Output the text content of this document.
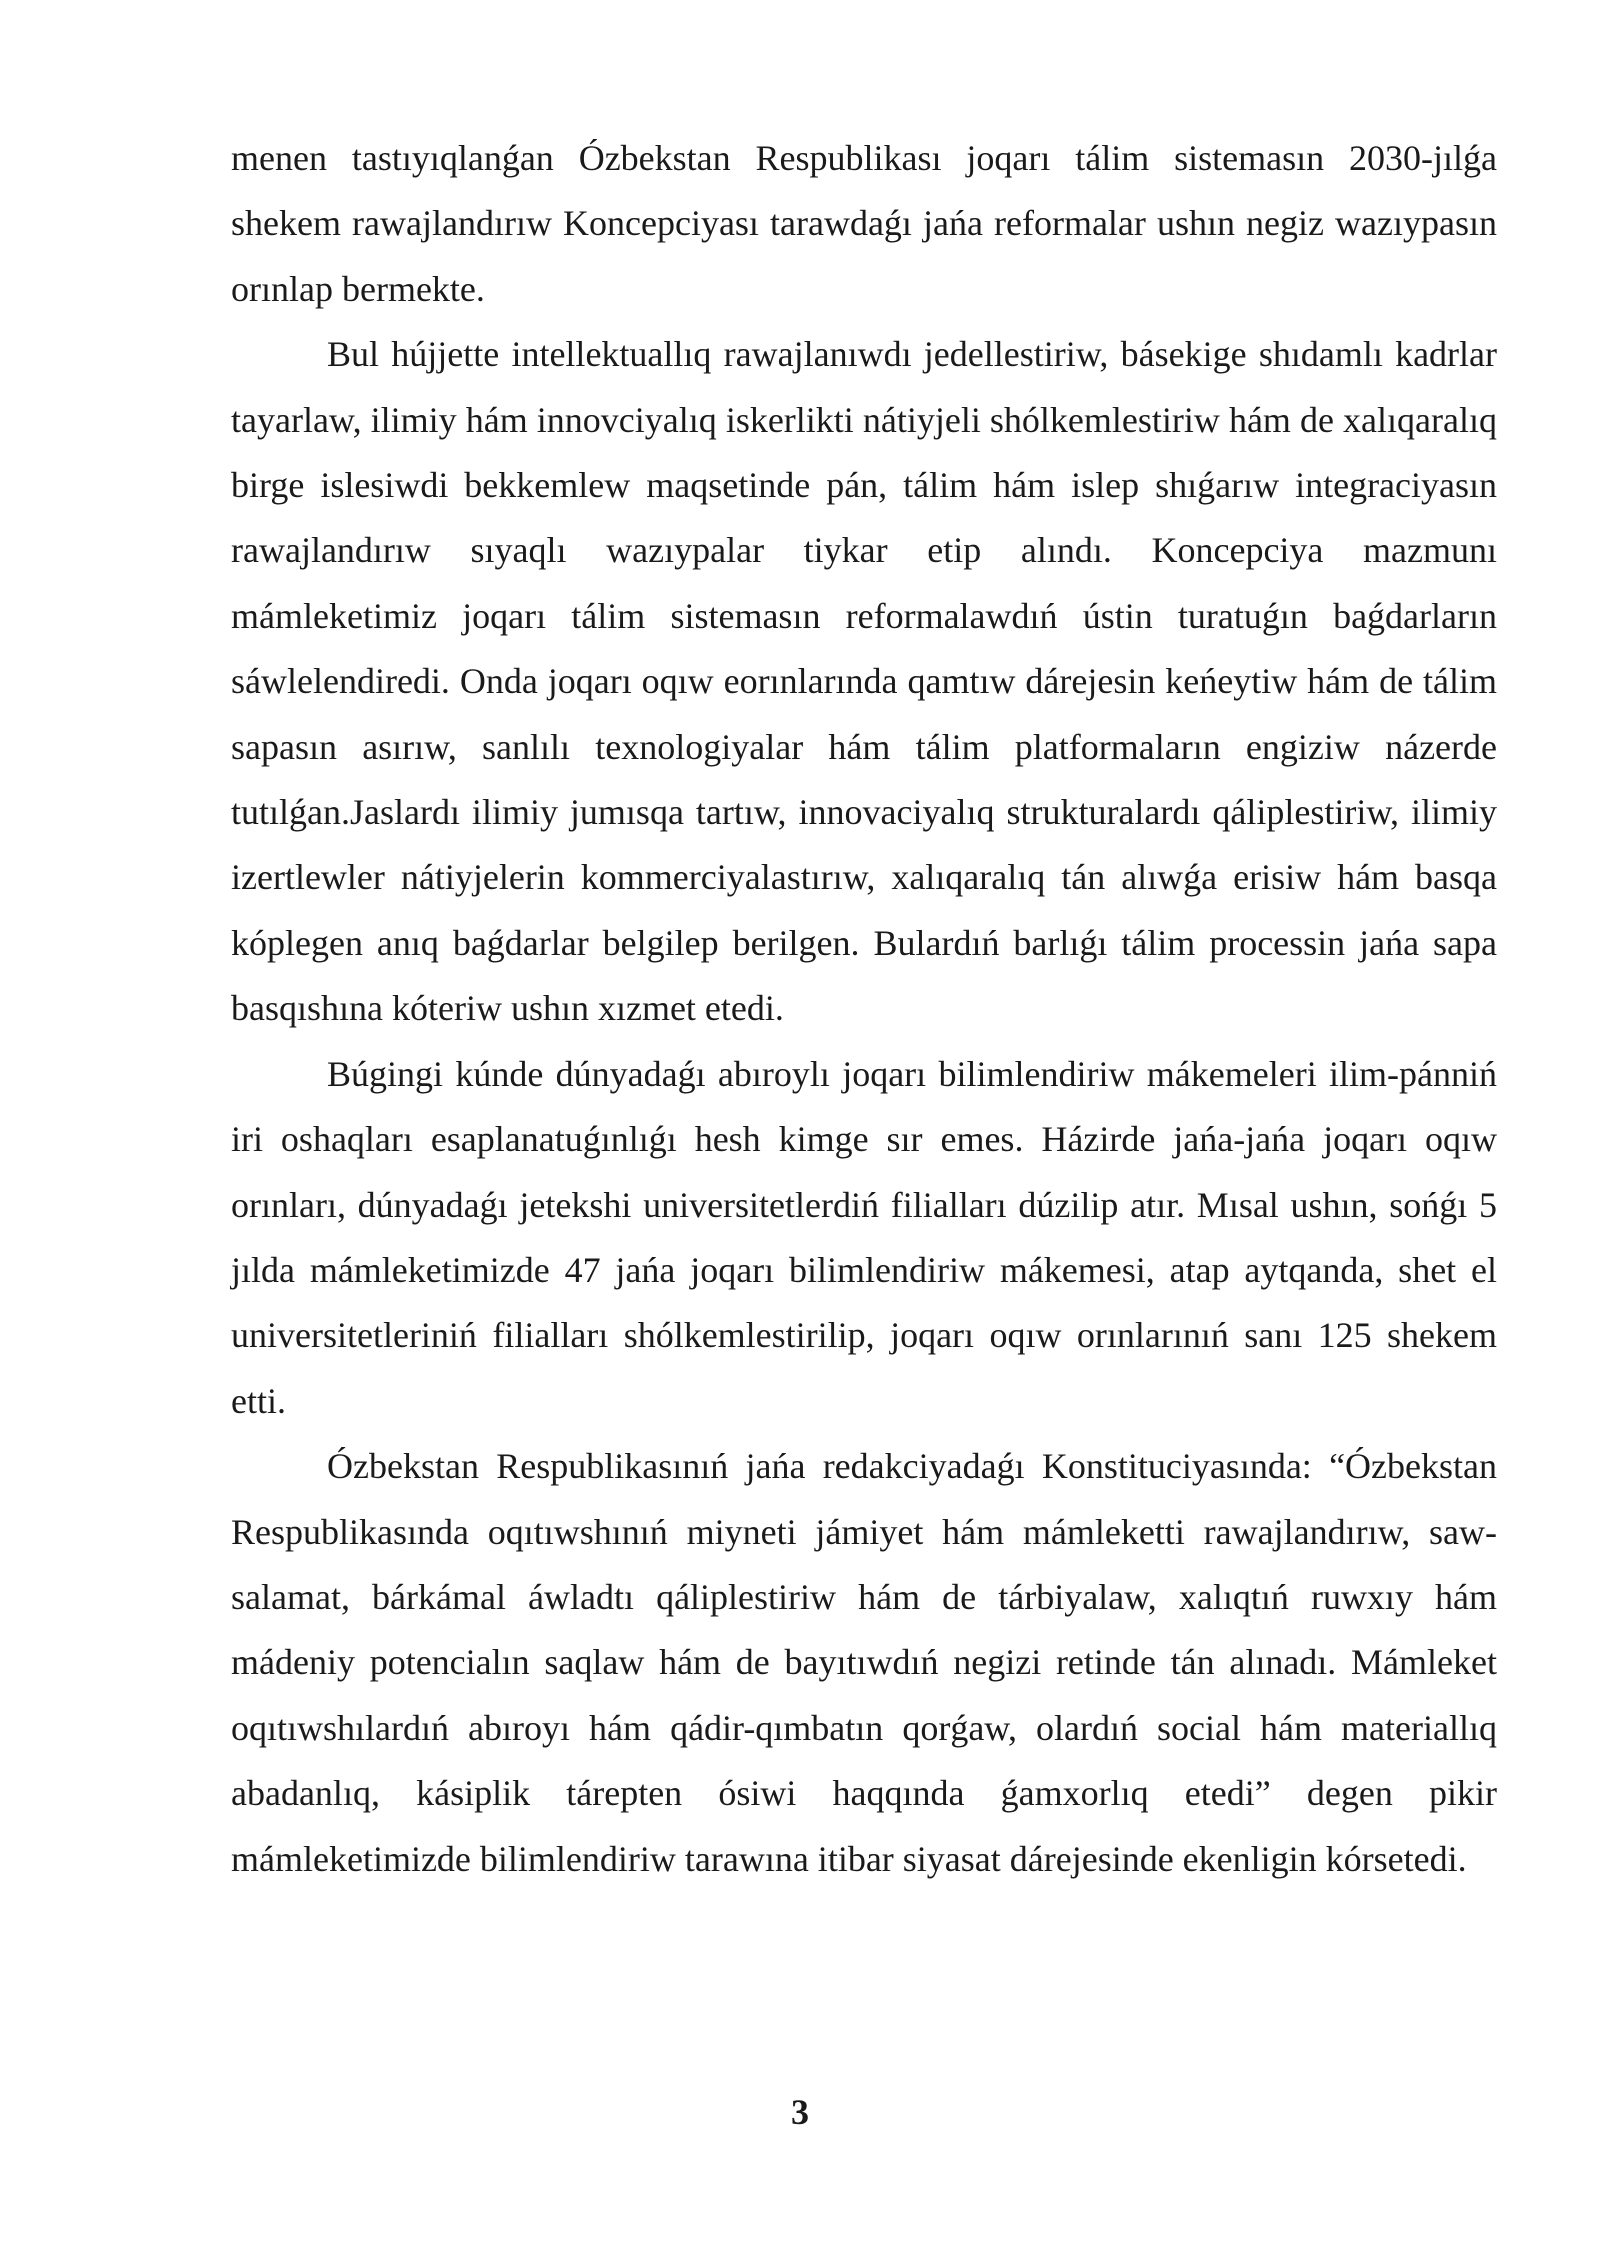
menen tastıyıqlanǵan Ózbekstan Respublikası joqarı tálim sistemasın 2030-jılǵa shekem rawajlandırıw Koncepciyası tarawdaǵı jańa reformalar ushın negiz wazıypasın orınlap bermekte.

Bul hújjette intellektuallıq rawajlanıwdı jedellestiriw, básekige shıdamlı kadrlar tayarlaw, ilimiy hám innovciyalıq iskerlikti nátiyjeli shólkemlestiriw hám de xalıqaralıq birge islesiwdi bekkemlew maqsetinde pán, tálim hám islep shıǵarıw integraciyasın rawajlandırıw sıyaqlı wazıypalar tiykar etip alındı. Koncepciya mazmunı mámleketimiz joqarı tálim sistemasın reformalawdıń ústin turatuǵın baǵdarların sáwlelendiredi. Onda joqarı oqıw eorınlarında qamtıw dárejesin keńeytiw hám de tálim sapasın asırıw, sanlılı texnologiyalar hám tálim platformaların engiziw názerde tutılǵan.Jaslardı ilimiy jumısqa tartıw, innovaciyalıq strukturalardı qáliplestiriw, ilimiy izertlewler nátiyjelerin kommerciyalastırıw, xalıqaralıq tán alıwǵa erisiw hám basqa kóplegen anıq baǵdarlar belgilep berilgen. Bulardıń barlıǵı tálim processin jańa sapa basqıshına kóteriw ushın xızmet etedi.

Búgingi kúnde dúnyadaǵı abıroylı joqarı bilimlendiriw mákemeleri ilim-pánniń iri oshaqları esaplanatuǵınlıǵı hesh kimge sır emes. Házirde jańa-jańa joqarı oqıw orınları, dúnyadaǵı jetekshi universitetlerdiń filialları dúzilip atır. Mısal ushın, sońǵı 5 jılda mámleketimizde 47 jańa joqarı bilimlendiriw mákemesi, atap aytqanda, shet el universitetleriniń filialları shólkemlestirilip, joqarı oqıw orınlarınıń sanı 125 shekem etti.

Ózbekstan Respublikasınıń jańa redakciyadaǵı Konstituciyasında: “Ózbekstan Respublikasında oqıtıwshınıń miyneti jámiyet hám mámleketti rawajlandırıw, saw-salamat, bárkámal áwladtı qáliplestiriw hám de tárbiyalaw, xalıqtıń ruwxıy hám mádeniy potencialın saqlaw hám de bayıtıwdıń negizi retinde tán alınadı. Mámleket oqıtıwshılardıń abıroyı hám qádir-qımbatın qorǵaw, olardıń social hám materiallıq abadanlıq, kásiplik tárepten ósiwi haqqında ǵamxorlıq etedi” degen pikir mámleketimizde bilimlendiriw tarawına itibar siyasat dárejesinde ekenligin kórsetedi.

3
